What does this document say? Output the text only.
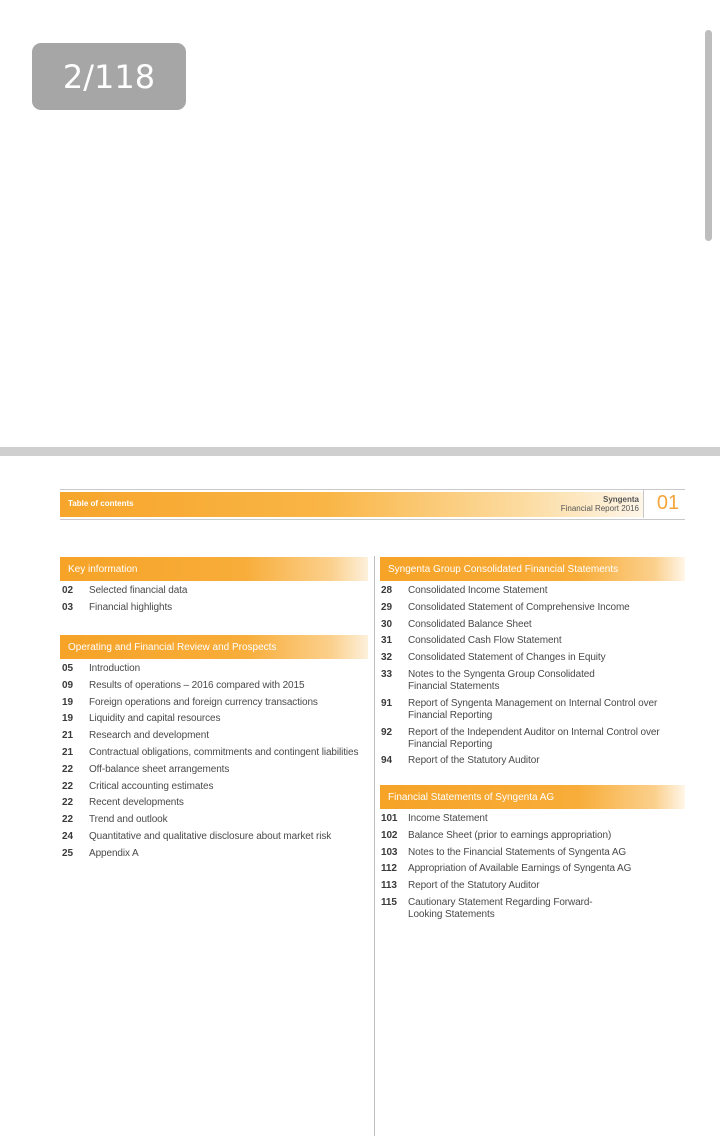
2/118
Table of contents	Syngenta
Financial Report 2016 01
Key information
02	Selected financial data
03	Financial highlights
Operating and Financial Review and Prospects
05	Introduction
09	Results of operations – 2016 compared with 2015
19	Foreign operations and foreign currency transactions
19	Liquidity and capital resources
21	Research and development
21	Contractual obligations, commitments and contingent liabilities
22	Off-balance sheet arrangements
22	Critical accounting estimates
22	Recent developments
22	Trend and outlook
24	Quantitative and qualitative disclosure about market risk
25	Appendix A
Syngenta Group Consolidated Financial Statements
28	Consolidated Income Statement
29	Consolidated Statement of Comprehensive Income
30	Consolidated Balance Sheet
31	Consolidated Cash Flow Statement
32	Consolidated Statement of Changes in Equity
33	Notes to the Syngenta Group Consolidated
Financial Statements
91	Report of Syngenta Management on Internal Control over
Financial Reporting
92	Report of the Independent Auditor on Internal Control over
Financial Reporting
94	Report of the Statutory Auditor
Financial Statements of Syngenta AG
101	Income Statement
102	Balance Sheet (prior to earnings appropriation)
103	Notes to the Financial Statements of Syngenta AG
112	Appropriation of Available Earnings of Syngenta AG
113	Report of the Statutory Auditor
115	Cautionary Statement Regarding Forward-
Looking Statements
